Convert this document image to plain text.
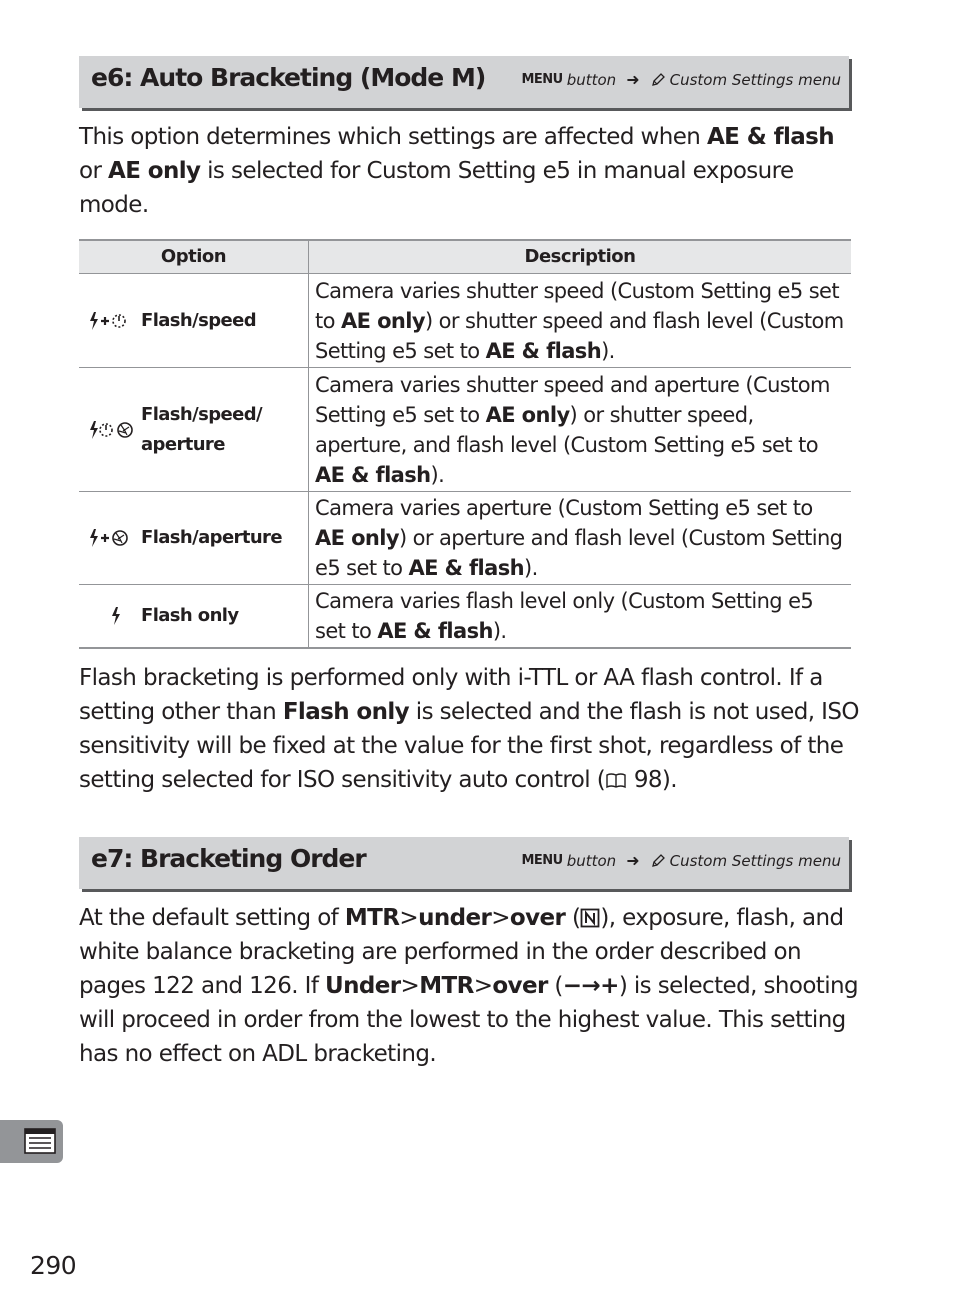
e6: Auto Bracketing (Mode M)	MENU button ➜ Custom Settings menu

This option determines which settings are affected when AE & flash or AE only is selected for Custom Setting e5 in manual exposure mode.

Option	Description

Flash/speed	Camera varies shutter speed (Custom Setting e5 set to AE only) or shutter speed and flash level (Custom Setting e5 set to AE & flash).

Flash/speed/ aperture	Camera varies shutter speed and aperture (Custom Setting e5 set to AE only) or shutter speed, aperture, and flash level (Custom Setting e5 set to AE & flash).

Flash/aperture	Camera varies aperture (Custom Setting e5 set to AE only) or aperture and flash level (Custom Setting e5 set to AE & flash).

Flash only	Camera varies flash level only (Custom Setting e5 set to AE & flash).

Flash bracketing is performed only with i-TTL or AA flash control. If a setting other than Flash only is selected and the flash is not used, ISO sensitivity will be fixed at the value for the first shot, regardless of the setting selected for ISO sensitivity auto control ( 98).

e7: Bracketing Order	MENU button ➜ Custom Settings menu

At the default setting of MTR>under>over ( ), exposure, flash, and white balance bracketing are performed in the order described on pages 122 and 126. If Under>MTR>over (−→+) is selected, shooting will proceed in order from the lowest to the highest value. This setting has no effect on ADL bracketing.

290
